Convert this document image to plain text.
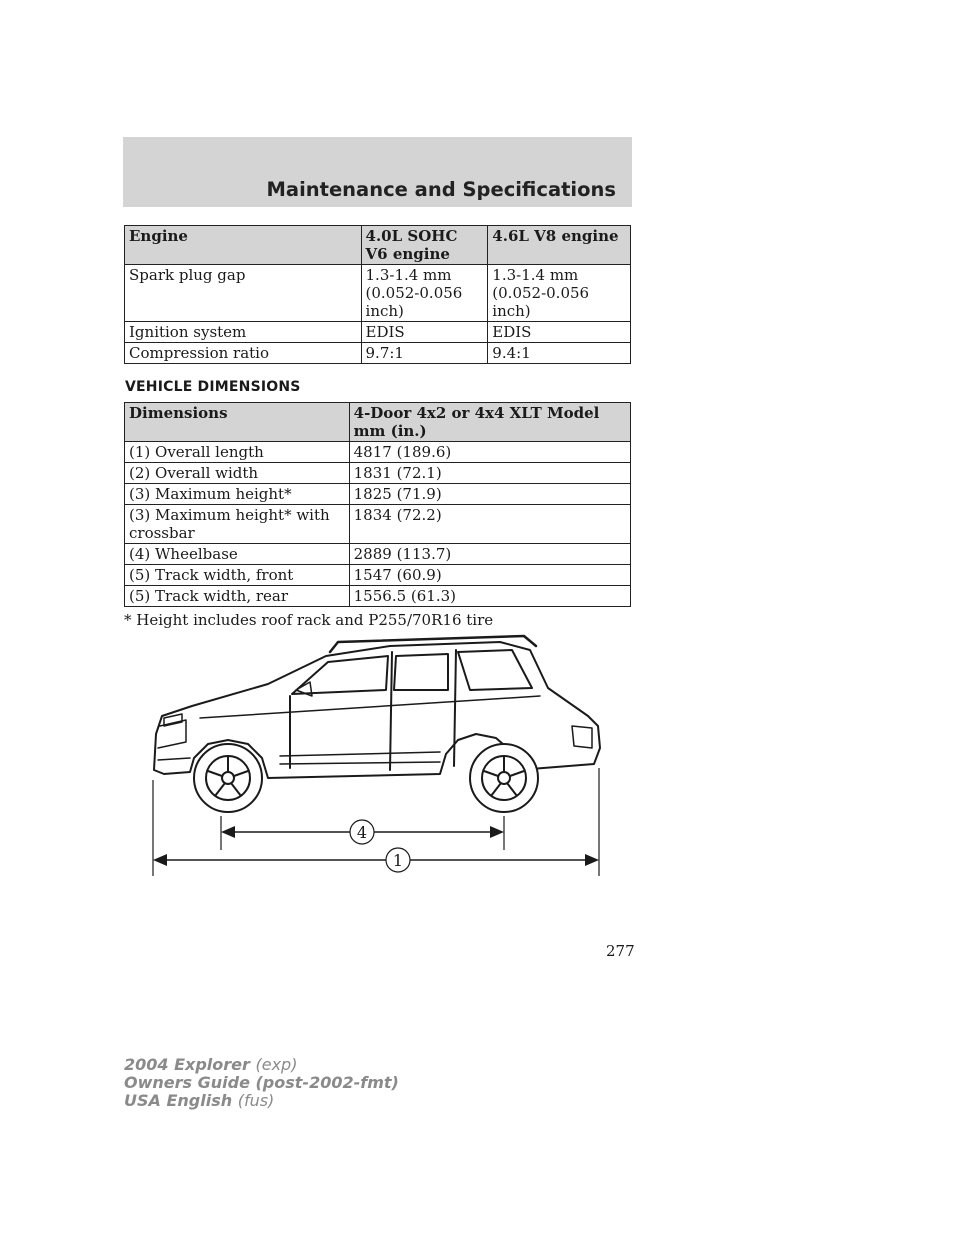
Maintenance and Specifications
Engine	4.0L SOHC V6 engine	4.6L V8 engine
Spark plug gap	1.3-1.4 mm (0.052-0.056 inch)	1.3-1.4 mm (0.052-0.056 inch)
Ignition system	EDIS	EDIS
Compression ratio	9.7:1	9.4:1
VEHICLE DIMENSIONS
Dimensions	4-Door 4x2 or 4x4 XLT Model mm (in.)
(1) Overall length	4817 (189.6)
(2) Overall width	1831 (72.1)
(3) Maximum height*	1825 (71.9)
(3) Maximum height* with crossbar	1834 (72.2)
(4) Wheelbase	2889 (113.7)
(5) Track width, front	1547 (60.9)
(5) Track width, rear	1556.5 (61.3)
* Height includes roof rack and P255/70R16 tire
4
1
277
2004 Explorer (exp)
Owners Guide (post-2002-fmt)
USA English (fus)
